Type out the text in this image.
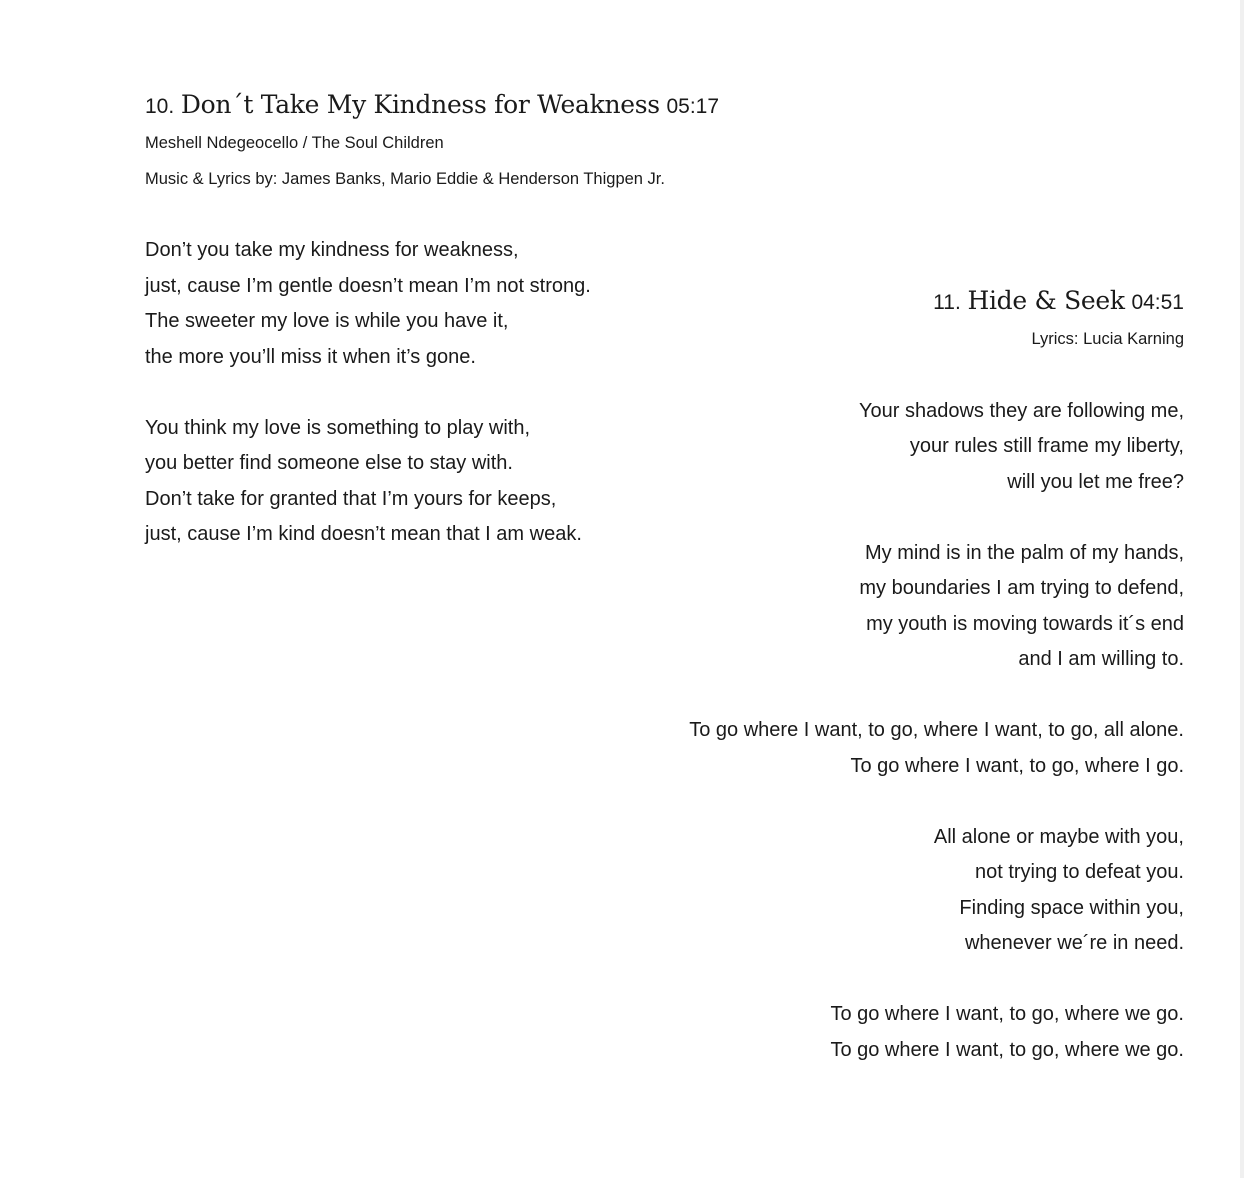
10. Don´t Take My Kindness for Weakness 05:17

Meshell Ndegeocello / The Soul Children

Music & Lyrics by: James Banks, Mario Eddie & Henderson Thigpen Jr.

Don’t you take my kindness for weakness,
just, cause I’m gentle doesn’t mean I’m not strong.
The sweeter my love is while you have it,
the more you’ll miss it when it’s gone.
You think my love is something to play with,
you better find someone else to stay with.
Don’t take for granted that I’m yours for keeps,
just, cause I’m kind doesn’t mean that I am weak.
11. Hide & Seek 04:51

Lyrics: Lucia Karning

Your shadows they are following me,
your rules still frame my liberty,
will you let me free?
My mind is in the palm of my hands,
my boundaries I am trying to defend,
my youth is moving towards it´s end
and I am willing to.
To go where I want, to go, where I want, to go, all alone.
To go where I want, to go, where I go.
All alone or maybe with you,
not trying to defeat you.
Finding space within you,
whenever we´re in need.
To go where I want, to go, where we go.
To go where I want, to go, where we go.
